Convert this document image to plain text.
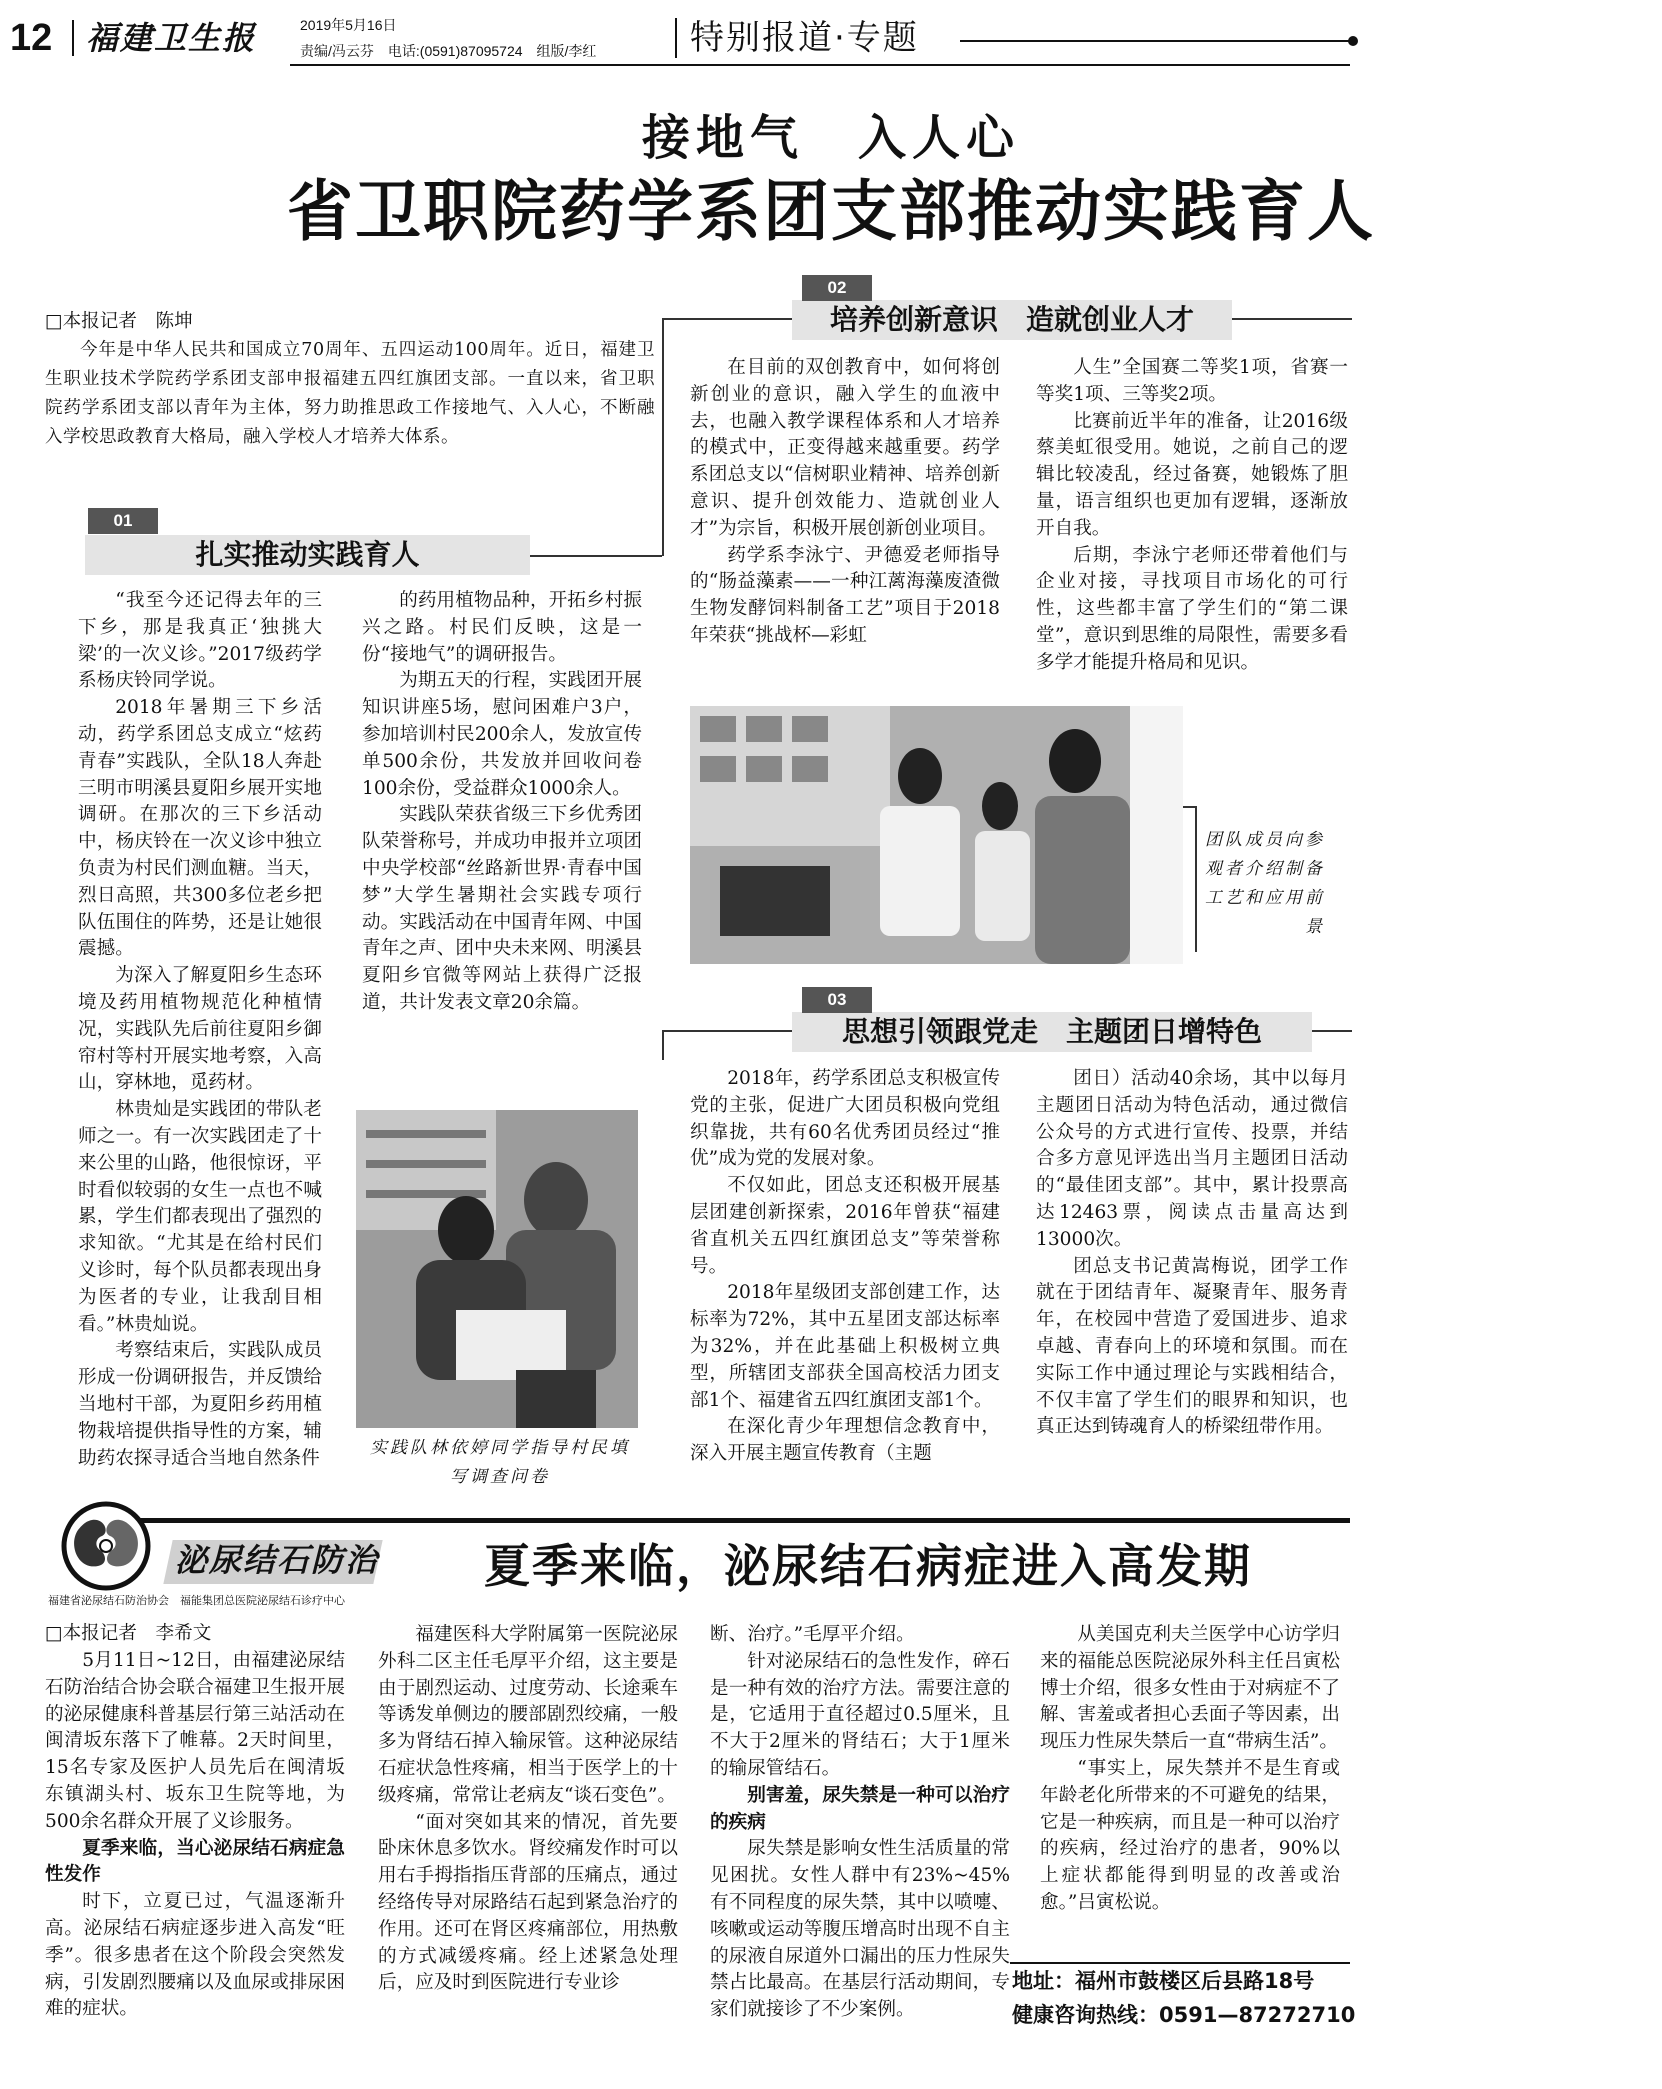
12 福建卫生报	2019年5月16日
责编/冯云芬　电话:(0591)87095724　组版/李红	特别报道·专题
接地气　入人心
省卫职院药学系团支部推动实践育人
□本报记者　陈坤

今年是中华人民共和国成立70周年、五四运动100周年。近日，福建卫生职业技术学院药学系团支部申报福建五四红旗团支部。一直以来，省卫职院药学系团支部以青年为主体，努力助推思政工作接地气、入人心，不断融入学校思政教育大格局，融入学校人才培养大体系。

01
扎实推动实践育人

“我至今还记得去年的三下乡，那是我真正‘独挑大梁’的一次义诊。”2017级药学系杨庆铃同学说。

2018年暑期三下乡活动，药学系团总支成立“炫药青春”实践队，全队18人奔赴三明市明溪县夏阳乡展开实地调研。在那次的三下乡活动中，杨庆铃在一次义诊中独立负责为村民们测血糖。当天，烈日高照，共300多位老乡把队伍围住的阵势，还是让她很震撼。

为深入了解夏阳乡生态环境及药用植物规范化种植情况，实践队先后前往夏阳乡御帘村等村开展实地考察，入高山，穿林地，觅药材。

林贵灿是实践团的带队老师之一。有一次实践团走了十来公里的山路，他很惊讶，平时看似较弱的女生一点也不喊累，学生们都表现出了强烈的求知欲。“尤其是在给村民们义诊时，每个队员都表现出身为医者的专业，让我刮目相看。”林贵灿说。

考察结束后，实践队成员形成一份调研报告，并反馈给当地村干部，为夏阳乡药用植物栽培提供指导性的方案，辅助药农探寻适合当地自然条件

的药用植物品种，开拓乡村振兴之路。村民们反映，这是一份“接地气”的调研报告。

为期五天的行程，实践团开展知识讲座5场，慰问困难户3户，参加培训村民200余人，发放宣传单500余份，共发放并回收问卷100余份，受益群众1000余人。

实践队荣获省级三下乡优秀团队荣誉称号，并成功申报并立项团中央学校部“丝路新世界·青春中国梦”大学生暑期社会实践专项行动。实践活动在中国青年网、中国青年之声、团中央未来网、明溪县夏阳乡官微等网站上获得广泛报道，共计发表文章20余篇。

实践队林依婷同学指导村民填写调查问卷
02
培养创新意识　造就创业人才

在目前的双创教育中，如何将创新创业的意识，融入学生的血液中去，也融入教学课程体系和人才培养的模式中，正变得越来越重要。药学系团总支以“信树职业精神、培养创新意识、提升创效能力、造就创业人才”为宗旨，积极开展创新创业项目。

药学系李泳宁、尹德爱老师指导的“肠益藻素——一种江蓠海藻废渣微生物发酵饲料制备工艺”项目于2018年荣获“挑战杯—彩虹

人生”全国赛二等奖1项，省赛一等奖1项、三等奖2项。

比赛前近半年的准备，让2016级蔡美虹很受用。她说，之前自己的逻辑比较凌乱，经过备赛，她锻炼了胆量，语言组织也更加有逻辑，逐渐放开自我。

后期，李泳宁老师还带着他们与企业对接，寻找项目市场化的可行性，这些都丰富了学生们的“第二课堂”，意识到思维的局限性，需要多看多学才能提升格局和见识。

团队成员向参观者介绍制备工艺和应用前景
03
思想引领跟党走　主题团日增特色

2018年，药学系团总支积极宣传党的主张，促进广大团员积极向党组织靠拢，共有60名优秀团员经过“推优”成为党的发展对象。

不仅如此，团总支还积极开展基层团建创新探索，2016年曾获“福建省直机关五四红旗团总支”等荣誉称号。

2018年星级团支部创建工作，达标率为72%，其中五星团支部达标率为32%，并在此基础上积极树立典型，所辖团支部获全国高校活力团支部1个、福建省五四红旗团支部1个。

在深化青少年理想信念教育中，深入开展主题宣传教育（主题

团日）活动40余场，其中以每月主题团日活动为特色活动，通过微信公众号的方式进行宣传、投票，并结合多方意见评选出当月主题团日活动的“最佳团支部”。其中，累计投票高达12463票，阅读点击量高达到13000次。

团总支书记黄嵩梅说，团学工作就在于团结青年、凝聚青年、服务青年，在校园中营造了爱国进步、追求卓越、青春向上的环境和氛围。而在实际工作中通过理论与实践相结合，不仅丰富了学生们的眼界和知识，也真正达到铸魂育人的桥梁纽带作用。

泌尿结石防治
福建省泌尿结石防治协会　福能集团总医院泌尿结石诊疗中心
夏季来临，泌尿结石病症进入高发期
□本报记者　李希文

5月11日~12日，由福建泌尿结石防治结合协会联合福建卫生报开展的泌尿健康科普基层行第三站活动在闽清坂东落下了帷幕。2天时间里，15名专家及医护人员先后在闽清坂东镇湖头村、坂东卫生院等地，为500余名群众开展了义诊服务。

夏季来临，当心泌尿结石病症急性发作

时下，立夏已过，气温逐渐升高。泌尿结石病症逐步进入高发“旺季”。很多患者在这个阶段会突然发病，引发剧烈腰痛以及血尿或排尿困难的症状。

福建医科大学附属第一医院泌尿外科二区主任毛厚平介绍，这主要是由于剧烈运动、过度劳动、长途乘车等诱发单侧边的腰部剧烈绞痛，一般多为肾结石掉入输尿管。这种泌尿结石症状急性疼痛，相当于医学上的十级疼痛，常常让老病友“谈石变色”。

“面对突如其来的情况，首先要卧床休息多饮水。肾绞痛发作时可以用右手拇指指压背部的压痛点，通过经络传导对尿路结石起到紧急治疗的作用。还可在肾区疼痛部位，用热敷的方式减缓疼痛。经上述紧急处理后，应及时到医院进行专业诊

断、治疗。”毛厚平介绍。

针对泌尿结石的急性发作，碎石是一种有效的治疗方法。需要注意的是，它适用于直径超过0.5厘米，且不大于2厘米的肾结石；大于1厘米的输尿管结石。

别害羞，尿失禁是一种可以治疗的疾病

尿失禁是影响女性生活质量的常见困扰。女性人群中有23%~45%有不同程度的尿失禁，其中以喷嚏、咳嗽或运动等腹压增高时出现不自主的尿液自尿道外口漏出的压力性尿失禁占比最高。在基层行活动期间，专家们就接诊了不少案例。

从美国克利夫兰医学中心访学归来的福能总医院泌尿外科主任吕寅松博士介绍，很多女性由于对病症不了解、害羞或者担心丢面子等因素，出现压力性尿失禁后一直“带病生活”。

“事实上，尿失禁并不是生育或年龄老化所带来的不可避免的结果，它是一种疾病，而且是一种可以治疗的疾病，经过治疗的患者，90%以上症状都能得到明显的改善或治愈。”吕寅松说。

地址：福州市鼓楼区后县路18号
健康咨询热线：0591—87272710
